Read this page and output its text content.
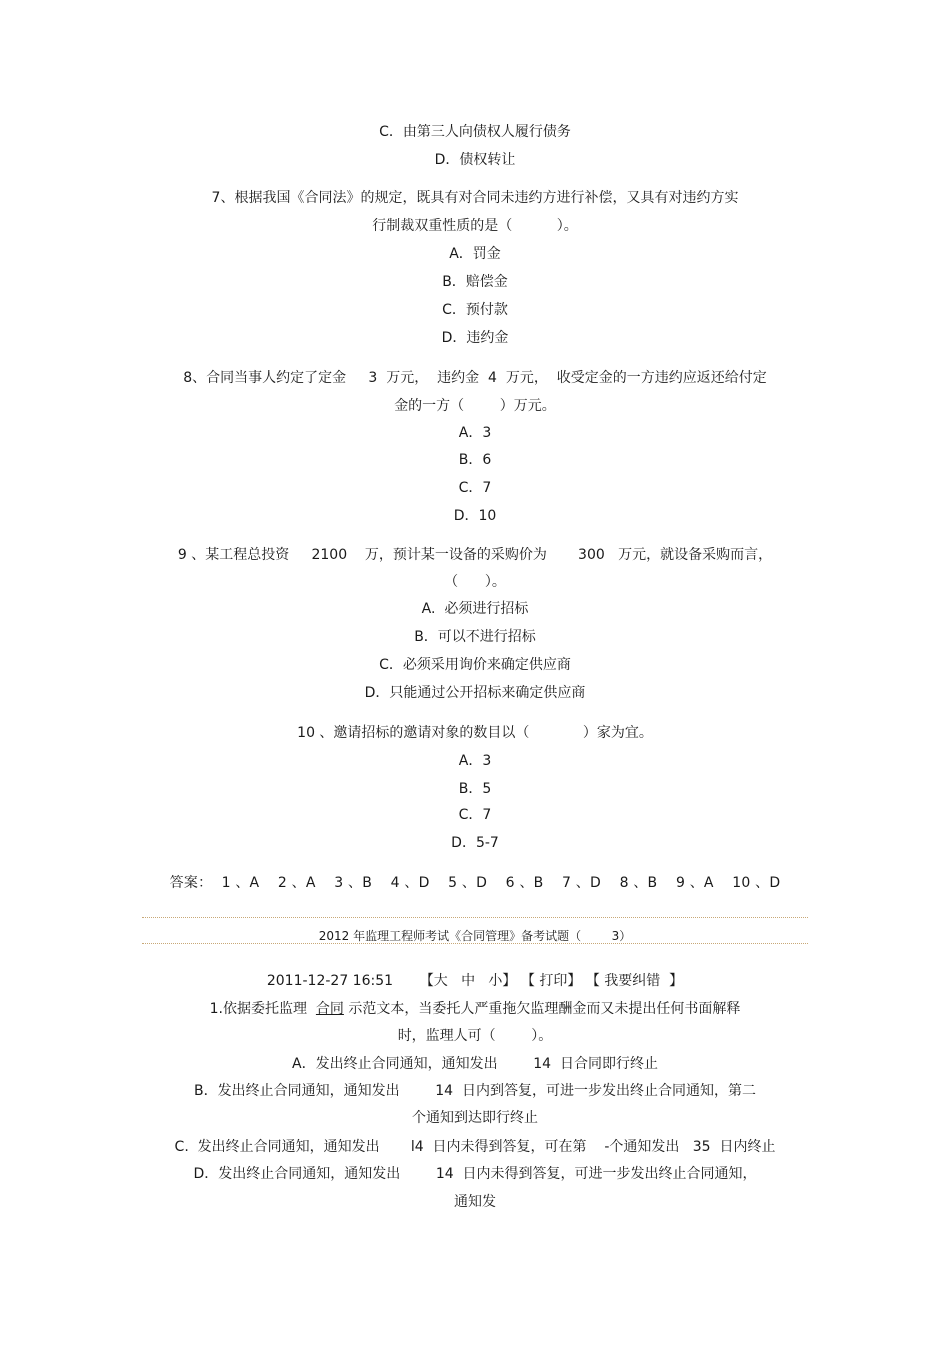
C．由第三人向债权人履行债务
D．债权转让
7、根据我国《合同法》的规定，既具有对合同未违约方进行补偿，又具有对违约方实
行制裁双重性质的是（          ）。
A．罚金
B．赔偿金
C．预付款
D．违约金
8、合同当事人约定了定金     3  万元，  违约金  4  万元，  收受定金的一方违约应返还给付定
金的一方（        ）万元。
A．3
B．6
C．7
D．10
9 、某工程总投资     2100    万，预计某一设备的采购价为       300   万元，就设备采购而言，
（      ）。
A.  必须进行招标
B．可以不进行招标
C．必须采用询价来确定供应商
D．只能通过公开招标来确定供应商
10 、邀请招标的邀请对象的数目以（            ）家为宜。
A．3
B．5
C．7
D．5-7
答案：  1 、A    2 、A    3 、B    4 、D    5 、D    6 、B    7 、D    8 、B    9 、A    10 、D
2012 年监理工程师考试《合同管理》备考试题（        3）
2011-12-27 16:51      【大   中   小】 【 打印】 【 我要纠错  】
1.依据委托监理  合同 示范文本，当委托人严重拖欠监理酬金而又未提出任何书面解释
时，监理人可（        ）。
A．发出终止合同通知，通知发出        14  日合同即行终止
B．发出终止合同通知，通知发出        14  日内到答复，可进一步发出终止合同通知，第二
个通知到达即行终止
C.  发出终止合同通知，通知发出       l4  日内未得到答复，可在第    -个通知发出   35  日内终止
D．发出终止合同通知，通知发出        14  日内未得到答复，可进一步发出终止合同通知，
通知发
